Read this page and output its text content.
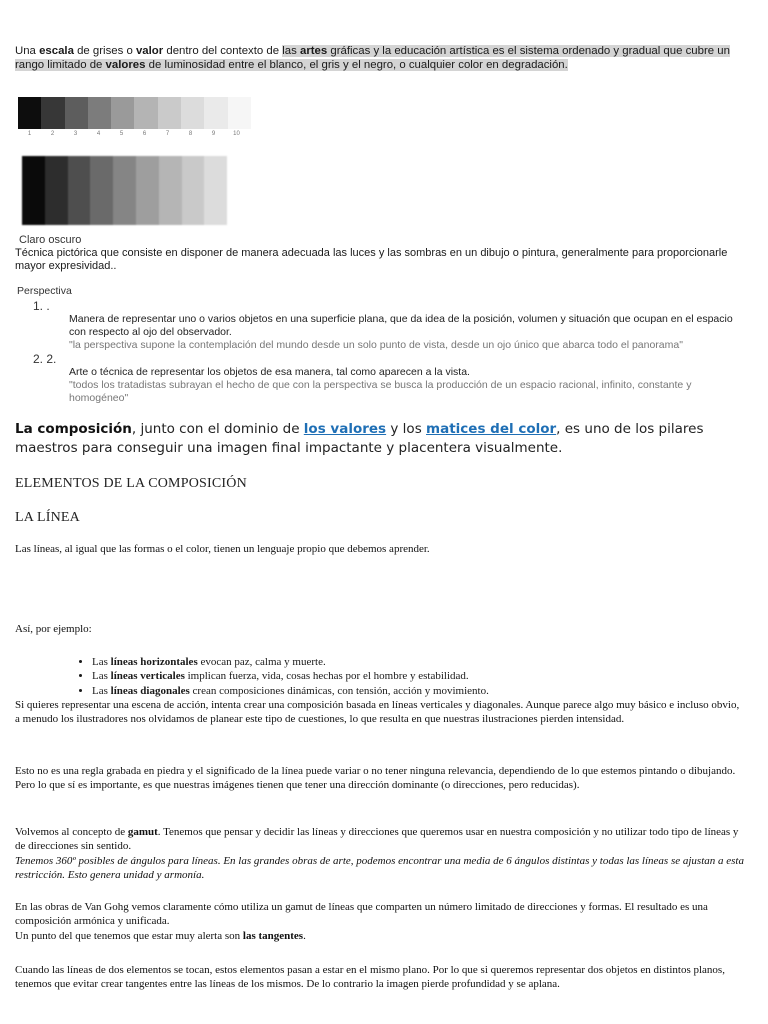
Una escala de grises o valor dentro del contexto de las artes gráficas y la educación artística es el sistema ordenado y gradual que cubre un rango limitado de valores de luminosidad entre el blanco, el gris y el negro, o cualquier color en degradación.
1	2	3	4	5	6	7	8	9	10
Claro oscuro
Técnica pictórica que consiste en disponer de manera adecuada las luces y las sombras en un dibujo o pintura, generalmente para proporcionarle mayor expresividad..
Perspectiva
1. .
Manera de representar uno o varios objetos en una superficie plana, que da idea de la posición, volumen y situación que ocupan en el espacio con respecto al ojo del observador.
"la perspectiva supone la contemplación del mundo desde un solo punto de vista, desde un ojo único que abarca todo el panorama"
2. 2.
Arte o técnica de representar los objetos de esa manera, tal como aparecen a la vista.
"todos los tratadistas subrayan el hecho de que con la perspectiva se busca la producción de un espacio racional, infinito, constante y homogéneo"
La composición, junto con el dominio de los valores y los matices del color, es uno de los pilares maestros para conseguir una imagen final impactante y placentera visualmente.
ELEMENTOS DE LA COMPOSICIÓN
LA LÍNEA
Las líneas, al igual que las formas o el color, tienen un lenguaje propio que debemos aprender.
Así, por ejemplo:
• Las líneas horizontales evocan paz, calma y muerte.
• Las líneas verticales implican fuerza, vida, cosas hechas por el hombre y estabilidad.
• Las líneas diagonales crean composiciones dinámicas, con tensión, acción y movimiento.
Si quieres representar una escena de acción, intenta crear una composición basada en líneas verticales y diagonales. Aunque parece algo muy básico e incluso obvio, a menudo los ilustradores nos olvidamos de planear este tipo de cuestiones, lo que resulta en que nuestras ilustraciones pierden intensidad.
Esto no es una regla grabada en piedra y el significado de la línea puede variar o no tener ninguna relevancia, dependiendo de lo que estemos pintando o dibujando. Pero lo que sí es importante, es que nuestras imágenes tienen que tener una dirección dominante (o direcciones, pero reducidas).
Volvemos al concepto de gamut. Tenemos que pensar y decidir las líneas y direcciones que queremos usar en nuestra composición y no utilizar todo tipo de líneas y de direcciones sin sentido.
Tenemos 360º posibles de ángulos para líneas. En las grandes obras de arte, podemos encontrar una media de 6 ángulos distintas y todas las líneas se ajustan a esta restricción. Esto genera unidad y armonía.
En las obras de Van Gohg vemos claramente cómo utiliza un gamut de líneas que comparten un número limitado de direcciones y formas. El resultado es una composición armónica y unificada.
Un punto del que tenemos que estar muy alerta son las tangentes.
Cuando las líneas de dos elementos se tocan, estos elementos pasan a estar en el mismo plano. Por lo que si queremos representar dos objetos en distintos planos, tenemos que evitar crear tangentes entre las líneas de los mismos. De lo contrario la imagen pierde profundidad y se aplana.
